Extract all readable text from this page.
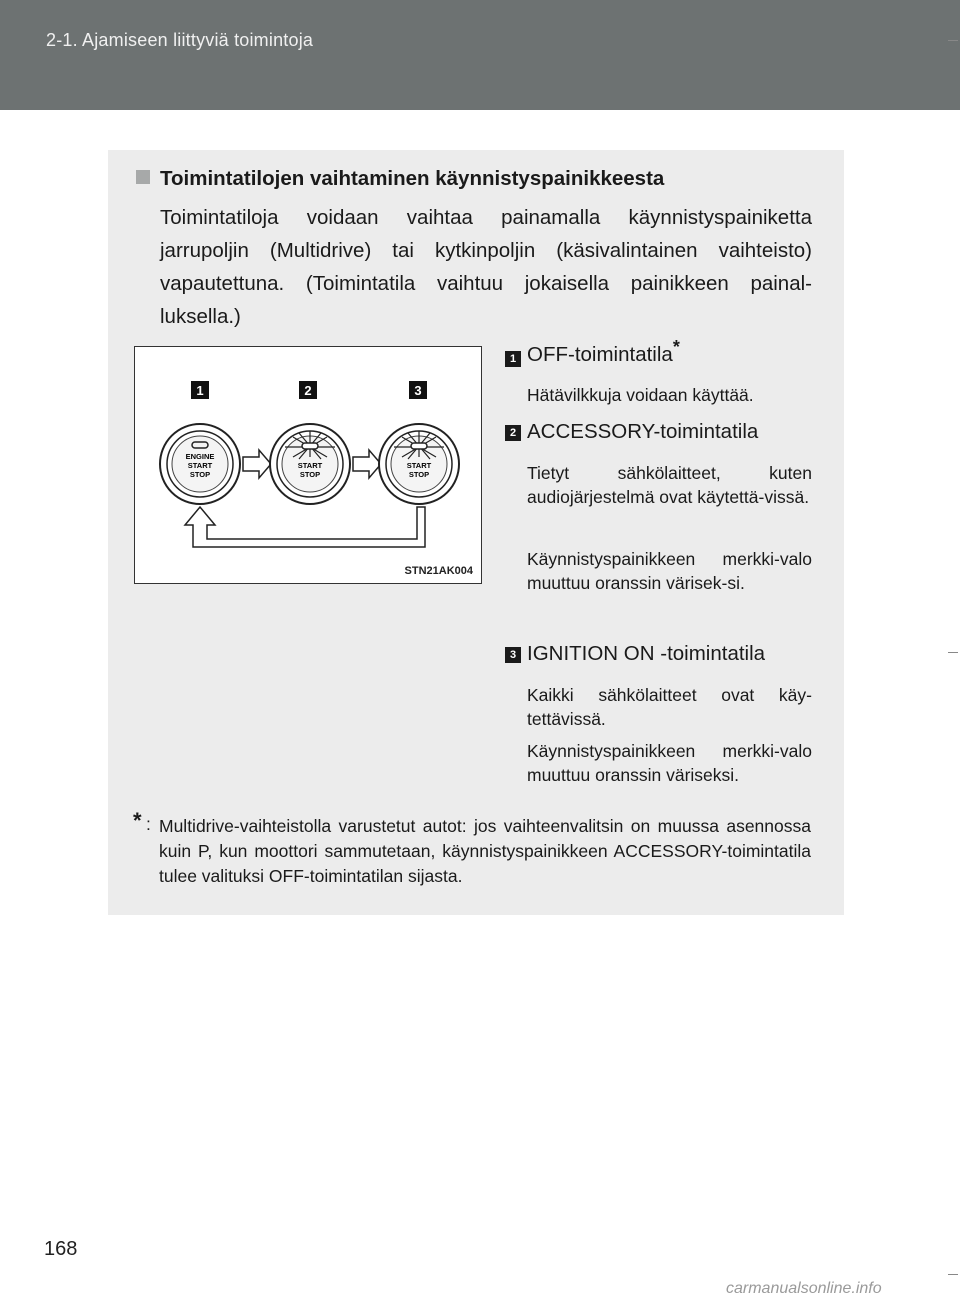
2-1. Ajamiseen liittyviä toimintoja
Toimintatilojen vaihtaminen käynnistyspainikkeesta
Toimintatiloja voidaan vaihtaa painamalla käynnistyspainiketta jarrupoljin (Multidrive) tai kytkinpoljin (käsivalintainen vaihteisto) vapautettuna. (Toimintatila vaihtuu jokaisella painikkeen painal-luksella.)
1	2	3
ENGINE
START
STOP
START
STOP
START
STOP
STN21AK004
1 OFF-toimintatila*
Hätävilkkuja voidaan käyttää.
2 ACCESSORY-toimintatila
Tietyt sähkölaitteet, kuten audiojärjestelmä ovat käytettä-vissä.
Käynnistyspainikkeen merkki-valo muuttuu oranssin värisek-si.
3 IGNITION ON -toimintatila
Kaikki sähkölaitteet ovat käy-tettävissä.
Käynnistyspainikkeen merkki-valo muuttuu oranssin väriseksi.
* : Multidrive-vaihteistolla varustetut autot: jos vaihteenvalitsin on muussa asennossa kuin P, kun moottori sammutetaan, käynnistyspainikkeen ACCESSORY-toimintatila tulee valituksi OFF-toimintatilan sijasta.
168
carmanualsonline.info
